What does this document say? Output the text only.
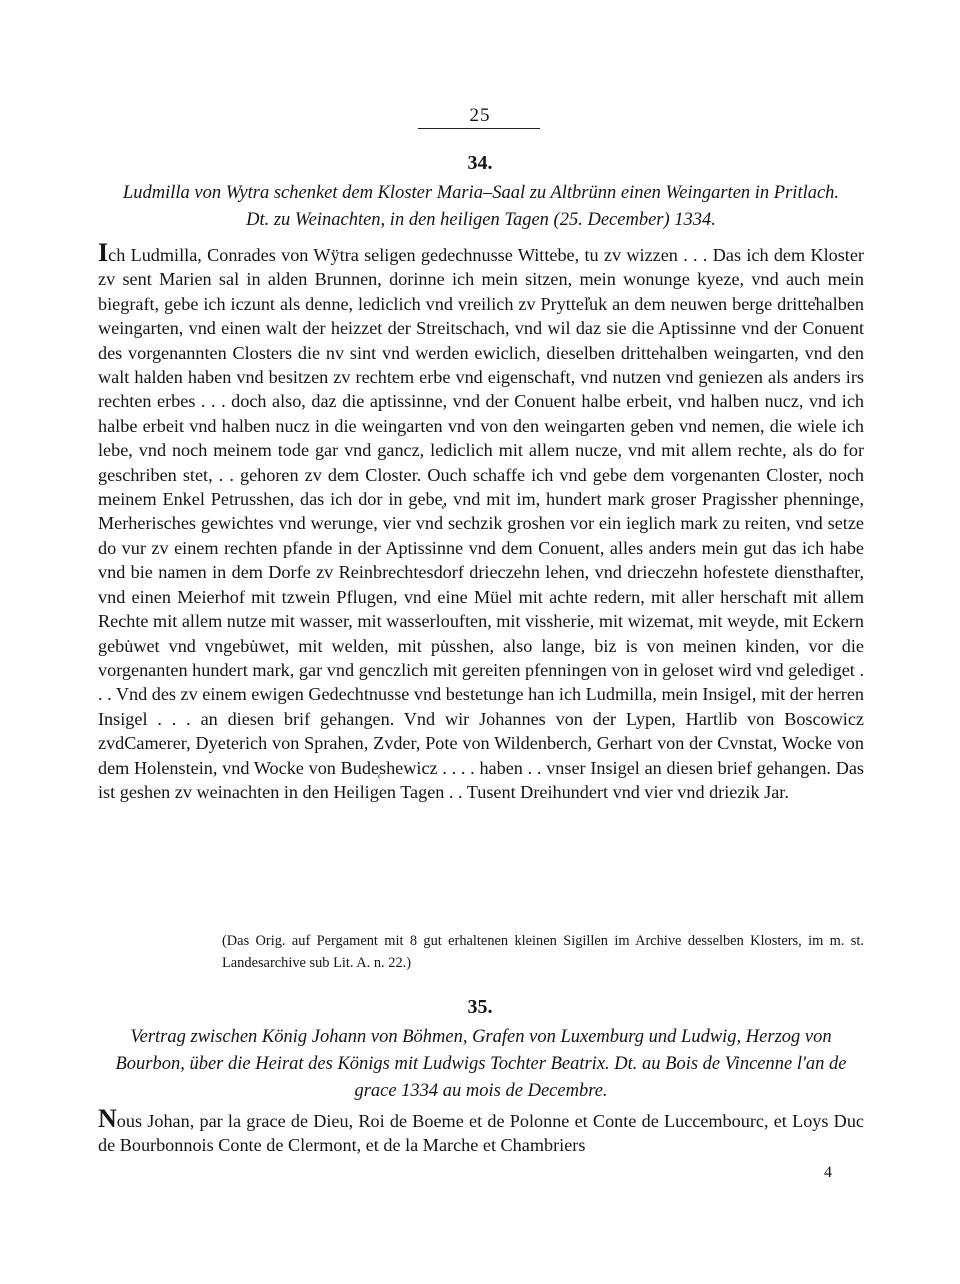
25
34.
Ludmilla von Wytra schenket dem Kloster Maria–Saal zu Altbrünn einen Weingarten in Pritlach.
Dt. zu Weinachten, in den heiligen Tagen (25. December) 1334.

Ich Ludmilla, Conrades von Wÿtra seligen gedechnusse Wittebe, tu zv wizzen . . . Das ich dem Kloster zv sent Marien sal in alden Brunnen, dorinne ich mein sitzen, mein wonunge kyeze, vnd auch mein biegraft, gebe ich iczunt als denne, lediclich vnd vreilich zv Pryttel̓uk an dem neuwen berge dritte̓halben weingarten, vnd einen walt der heizzet der Streitschach, vnd wil daz sie die Aptissinne vnd der Conuent des vorgenannten Closters die nv sint vnd werden ewiclich, dieselben drittehalben weingarten, vnd den walt halden haben vnd besitzen zv rechtem erbe vnd eigenschaft, vnd nutzen vnd geniezen als anders irs rechten erbes . . . doch also, daz die aptissinne, vnd der Conuent halbe erbeit, vnd halben nucz, vnd ich halbe erbeit vnd halben nucz in die weingarten vnd von den weingarten geben vnd nemen, die wiele ich lebe, vnd noch meinem tode gar vnd gancz, lediclich mit allem nucze, vnd mit allem rechte, als do for geschriben stet, . . gehoren zv dem Closter. Ouch schaffe ich vnd gebe dem vorgenanten Closter, noch meinem Enkel Petrusshen, das ich dor in gebe̜, vnd mit im, hundert mark groser Pragissher phenninge, Merherisches gewichtes vnd werunge, vier vnd sechzik groshen vor ein ieglich mark zu reiten, vnd setze do vur zv einem rechten pfande in der Aptissinne vnd dem Conuent, alles anders mein gut das ich habe vnd bie namen in dem Dorfe zv Reinbrechtesdorf drieczehn lehen, vnd drieczehn hofestete diensthafter, vnd einen Meierhof mit tzwein Pflugen, vnd eine Müel mit achte redern, mit aller herschaft mit allem Rechte mit allem nutze mit wasser, mit wasserlouften, mit vissherie, mit wizemat, mit weyde, mit Eckern gebu̇wet vnd vngebu̇wet, mit welden, mit pu̇sshen, also lange, biz is von meinen kinden, vor die vorgenanten hundert mark, gar vnd genczlich mit gereiten pfenningen von in geloset wird vnd gelediget . . . Vnd des zv einem ewigen Gedechtnusse vnd bestetunge han ich Ludmilla, mein Insigel, mit der herren Insigel . . . an diesen brif gehangen. Vnd wir Johannes von der Lypen, Hartlib von Boscowicz zvdCamerer, Dyeterich von Sprahen, Zvder, Pote von Wildenberch, Gerhart von der Cvnstat, Wocke von dem Holenstein, vnd Wocke von Bude̜shewicz . . . . haben . . vnser Insigel an diesen brief gehangen. Das ist geshen zv weinachten in den Heiligen Tagen . . Tusent Dreihundert vnd vier vnd driezik Jar.

(Das Orig. auf Pergament mit 8 gut erhaltenen kleinen Sigillen im Archive desselben Klosters, im m. st. Landesarchive sub Lit. A. n. 22.)
35.
Vertrag zwischen König Johann von Böhmen, Grafen von Luxemburg und Ludwig, Herzog von Bourbon, über die Heirat des Königs mit Ludwigs Tochter Beatrix. Dt. au Bois de Vincenne l'an de grace 1334 au mois de Decembre.

Nous Johan, par la grace de Dieu, Roi de Boeme et de Polonne et Conte de Luccembourc, et Loys Duc de Bourbonnois Conte de Clermont, et de la Marche et Chambriers

4
